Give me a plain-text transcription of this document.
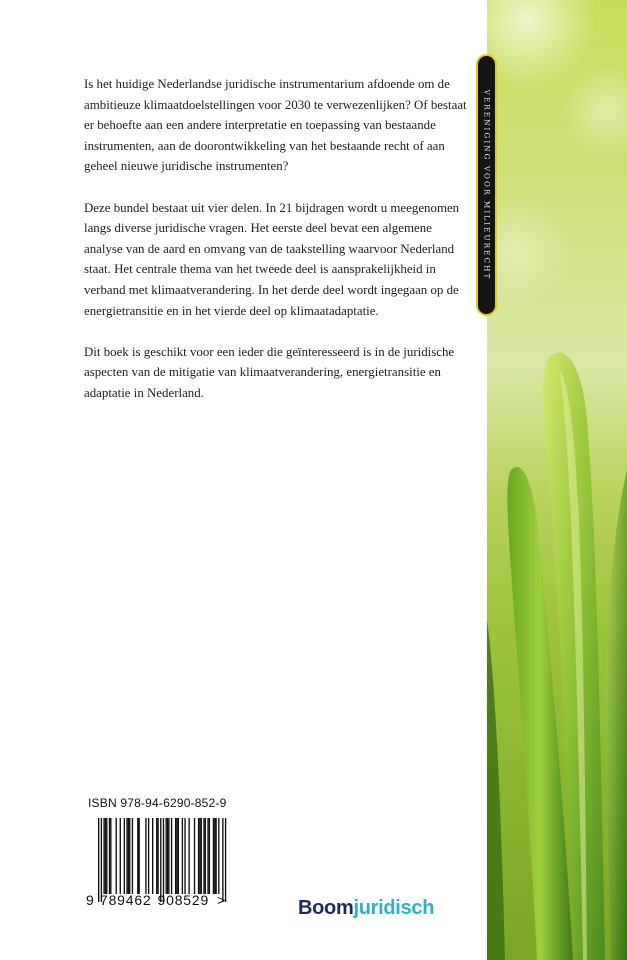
Is het huidige Nederlandse juridische instrumentarium afdoende om de ambitieuze klimaatdoelstellingen voor 2030 te verwezenlijken? Of bestaat er behoefte aan een andere interpretatie en toepassing van bestaande instrumenten, aan de doorontwikkeling van het bestaande recht of aan geheel nieuwe juridische instrumenten?

Deze bundel bestaat uit vier delen. In 21 bijdragen wordt u meegenomen langs diverse juridische vragen. Het eerste deel bevat een algemene analyse van de aard en omvang van de taakstelling waarvoor Nederland staat. Het centrale thema van het tweede deel is aansprakelijkheid in verband met klimaatverandering. In het derde deel wordt ingegaan op de energietransitie en in het vierde deel op klimaatadaptatie.

Dit boek is geschikt voor een ieder die geïnteresseerd is in de juridische aspecten van de mitigatie van klimaatverandering, energietransitie en adaptatie in Nederland.

VERENIGING VOOR MILIEURECHT
ISBN 978-94-6290-852-9
9 789462 908529 >	Boomjuridisch
